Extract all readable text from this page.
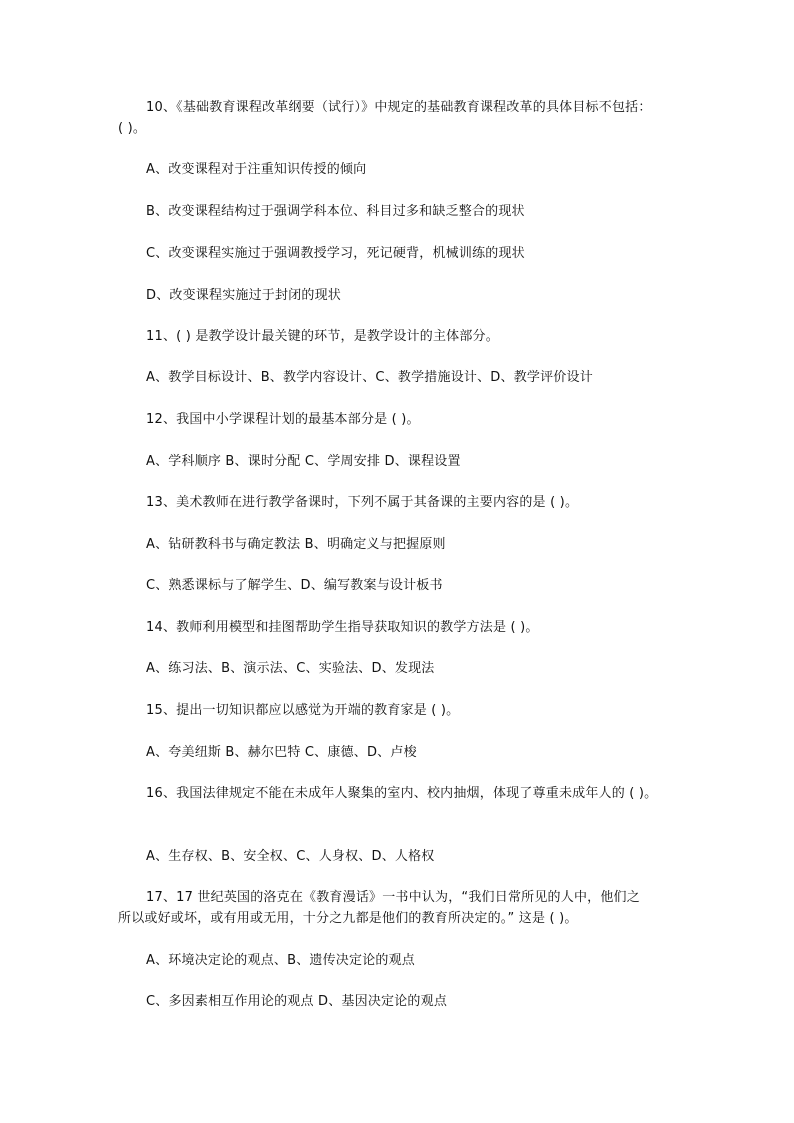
10、《基础教育课程改革纲要（试行）》中规定的基础教育课程改革的具体目标不包括：
( )。
A、改变课程对于注重知识传授的倾向
B、改变课程结构过于强调学科本位、科目过多和缺乏整合的现状
C、改变课程实施过于强调教授学习，死记硬背，机械训练的现状
D、改变课程实施过于封闭的现状
11、( ) 是教学设计最关键的环节，是教学设计的主体部分。
A、教学目标设计、B、教学内容设计、C、教学措施设计、D、教学评价设计
12、我国中小学课程计划的最基本部分是 ( )。
A、学科顺序 B、课时分配 C、学周安排 D、课程设置
13、美术教师在进行教学备课时，下列不属于其备课的主要内容的是 ( )。
A、钻研教科书与确定教法 B、明确定义与把握原则
C、熟悉课标与了解学生、D、编写教案与设计板书
14、教师利用模型和挂图帮助学生指导获取知识的教学方法是 ( )。
A、练习法、B、演示法、C、实验法、D、发现法
15、提出一切知识都应以感觉为开端的教育家是 ( )。
A、夸美纽斯 B、赫尔巴特 C、康德、D、卢梭
16、我国法律规定不能在未成年人聚集的室内、校内抽烟，体现了尊重未成年人的 ( )。
A、生存权、B、安全权、C、人身权、D、人格权
17、17 世纪英国的洛克在《教育漫话》一书中认为，“我们日常所见的人中，他们之
所以或好或坏，或有用或无用，十分之九都是他们的教育所决定的。” 这是 ( )。
A、环境决定论的观点、B、遗传决定论的观点
C、多因素相互作用论的观点 D、基因决定论的观点
